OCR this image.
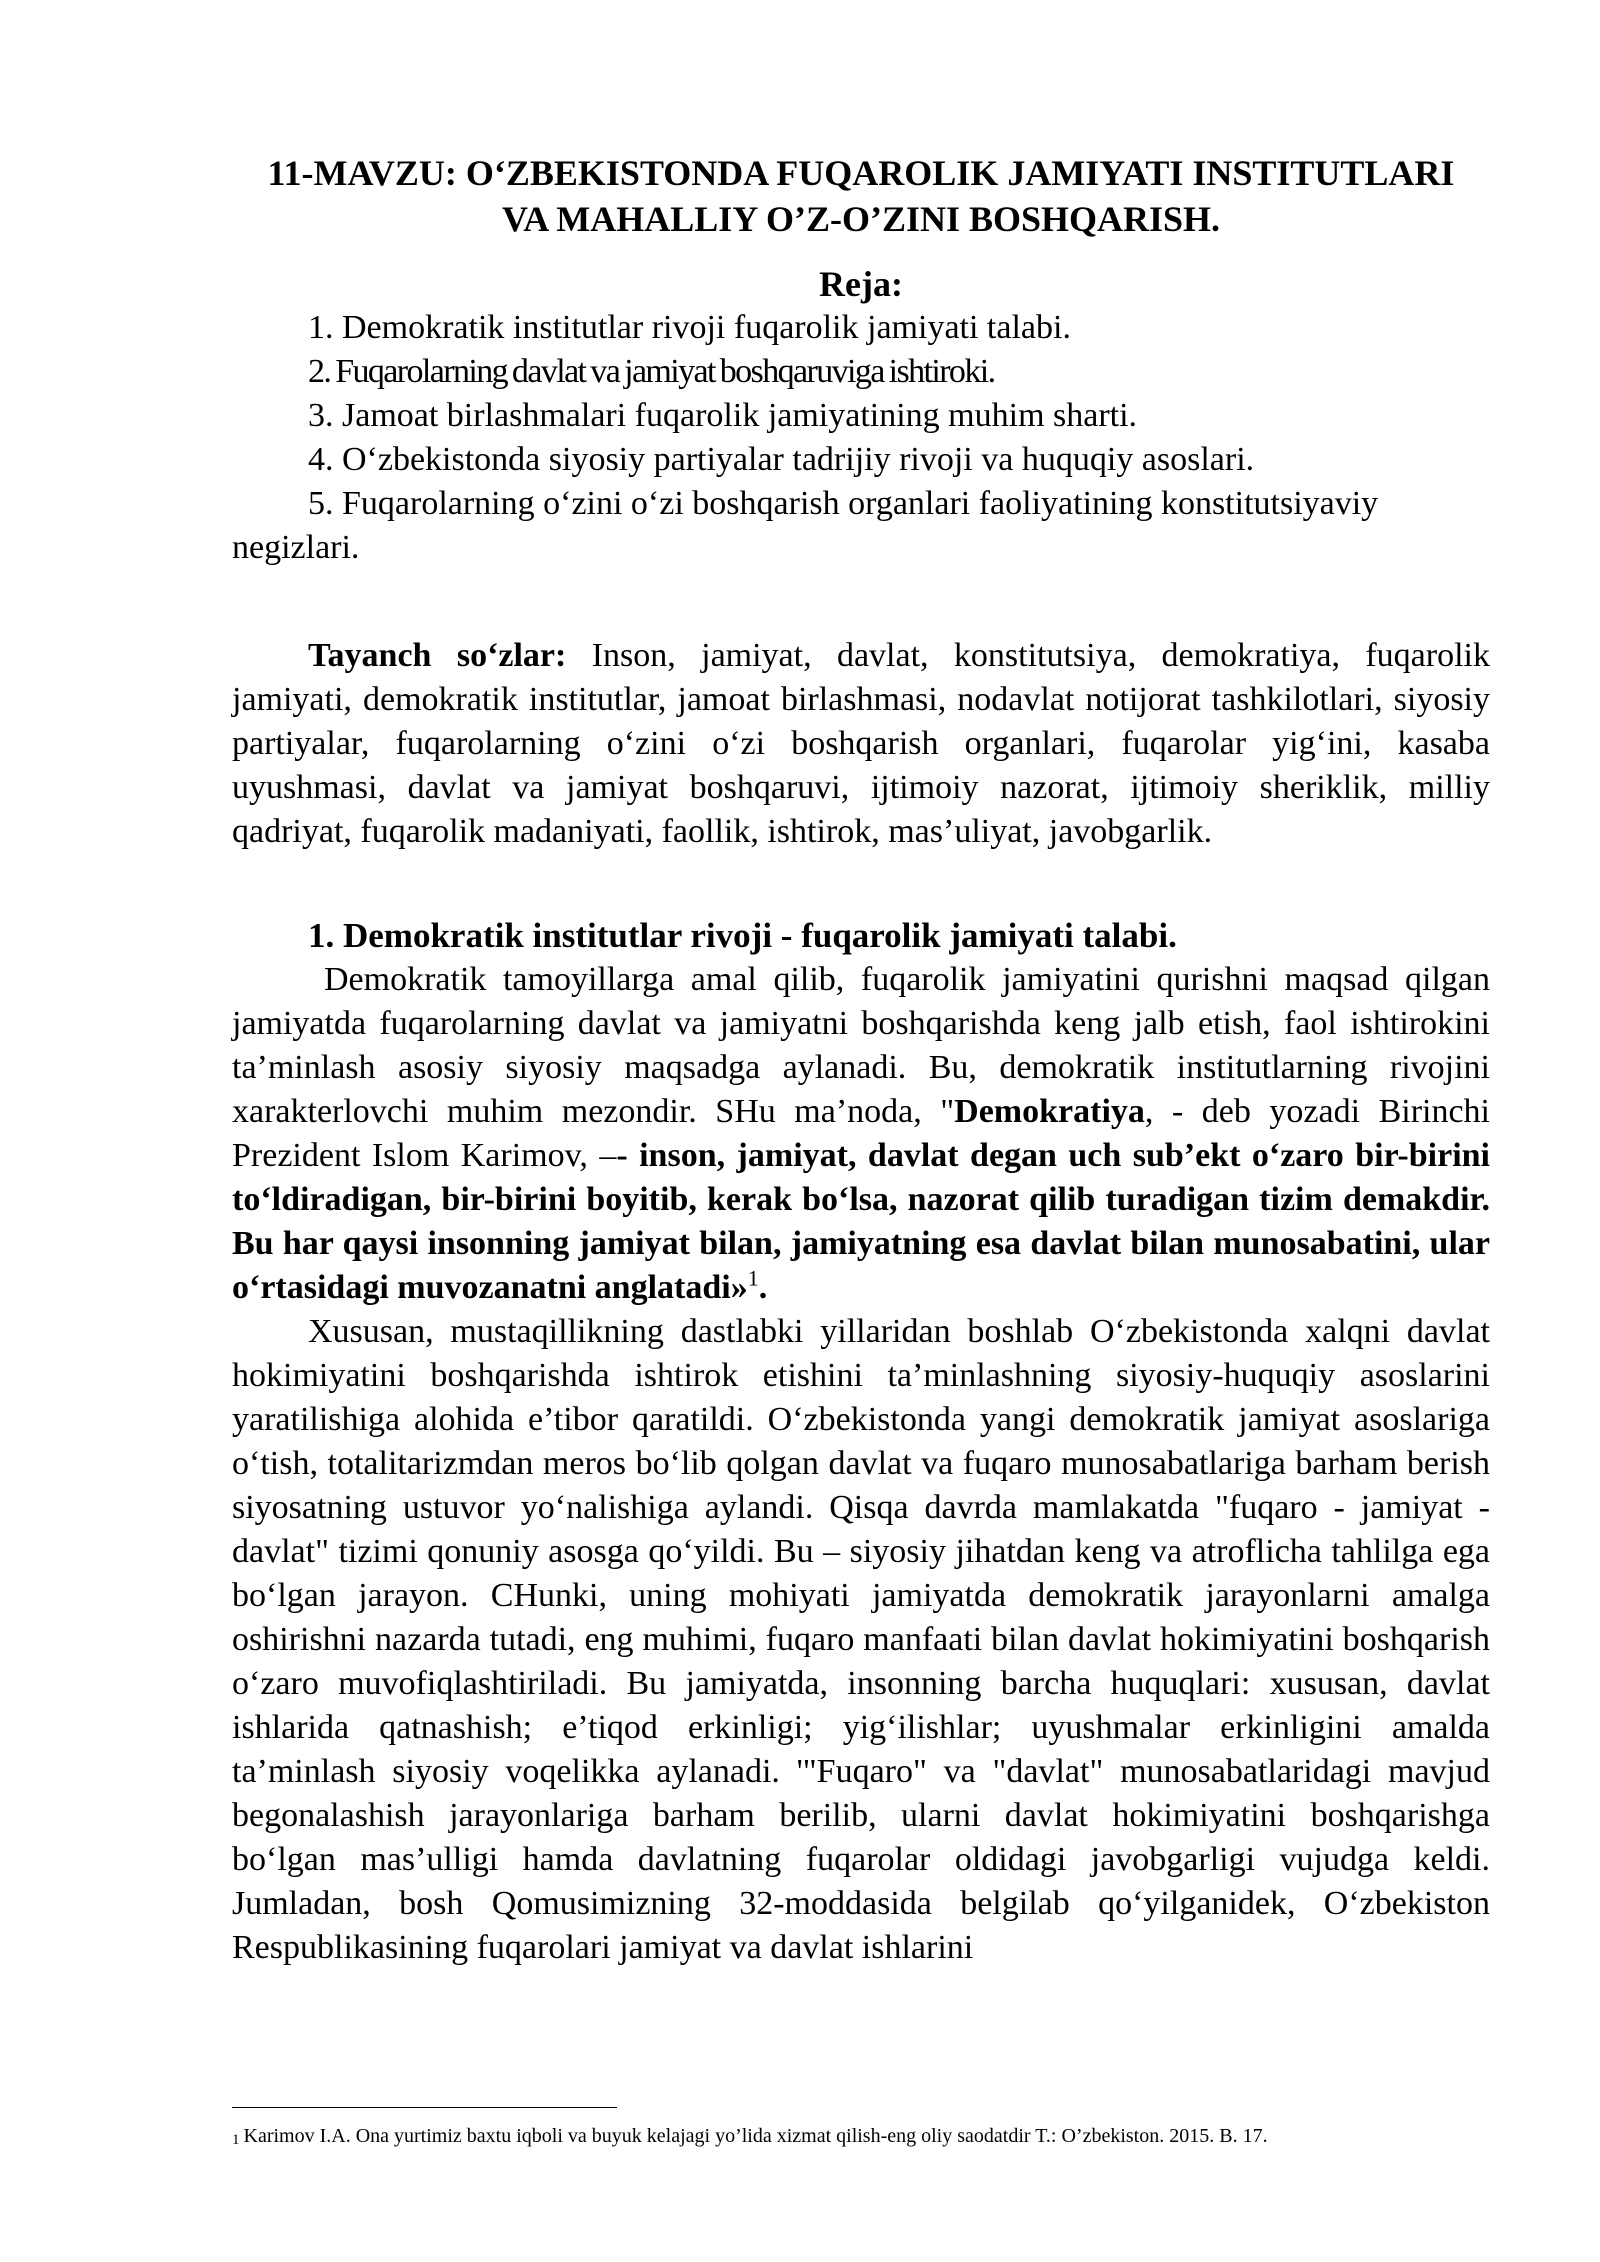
11-MAVZU: O‘ZBEKISTONDA FUQAROLIK JAMIYATI INSTITUTLARI
VA MAHALLIY O’Z-O’ZINI BOSHQARISH.
Reja:
1. Demokratik institutlar rivoji fuqarolik jamiyati talabi.
2. Fuqarolarning davlat va jamiyat boshqaruviga ishtiroki.
3. Jamoat birlashmalari fuqarolik jamiyatining muhim sharti.
4. O‘zbekistonda siyosiy partiyalar tadrijiy rivoji va huquqiy asoslari.
5. Fuqarolarning o‘zini o‘zi boshqarish organlari faoliyatining konstitutsiyaviy negizlari.

Tayanch so‘zlar: Inson, jamiyat, davlat, konstitutsiya, demokratiya, fuqarolik jamiyati, demokratik institutlar, jamoat birlashmasi, nodavlat notijorat tashkilotlari, siyosiy partiyalar, fuqarolarning o‘zini o‘zi boshqarish organlari, fuqarolar yig‘ini, kasaba uyushmasi, davlat va jamiyat boshqaruvi, ijtimoiy nazorat, ijtimoiy sheriklik, milliy qadriyat, fuqarolik madaniyati, faollik, ishtirok, mas’uliyat, javobgarlik.

1. Demokratik institutlar rivoji - fuqarolik jamiyati talabi.

Demokratik tamoyillarga amal qilib, fuqarolik jamiyatini qurishni maqsad qilgan jamiyatda fuqarolarning davlat va jamiyatni boshqarishda keng jalb etish, faol ishtirokini ta’minlash asosiy siyosiy maqsadga aylanadi. Bu, demokratik institutlarning rivojini xarakterlovchi muhim mezondir. SHu ma’noda, "Demokratiya, - deb yozadi Birinchi Prezident Islom Karimov, –- inson, jamiyat, davlat degan uch sub’ekt o‘zaro bir-birini to‘ldiradigan, bir-birini boyitib, kerak bo‘lsa, nazorat qilib turadigan tizim demakdir. Bu har qaysi insonning jamiyat bilan, jamiyatning esa davlat bilan munosabatini, ular o‘rtasidagi muvozanatni anglatadi»$^1$.

Xususan, mustaqillikning dastlabki yillaridan boshlab O‘zbekistonda xalqni davlat hokimiyatini boshqarishda ishtirok etishini ta’minlashning siyosiy-huquqiy asoslarini yaratilishiga alohida e’tibor qaratildi. O‘zbekistonda yangi demokratik jamiyat asoslariga o‘tish, totalitarizmdan meros bo‘lib qolgan davlat va fuqaro munosabatlariga barham berish siyosatning ustuvor yo‘nalishiga aylandi. Qisqa davrda mamlakatda "fuqaro - jamiyat -davlat" tizimi qonuniy asosga qo‘yildi. Bu – siyosiy jihatdan keng va atroflicha tahlilga ega bo‘lgan jarayon. CHunki, uning mohiyati jamiyatda demokratik jarayonlarni amalga oshirishni nazarda tutadi, eng muhimi, fuqaro manfaati bilan davlat hokimiyatini boshqarish o‘zaro muvofiqlashtiriladi. Bu jamiyatda, insonning barcha huquqlari: xususan, davlat ishlarida qatnashish; e’tiqod erkinligi; yig‘ilishlar; uyushmalar erkinligini amalda ta’minlash siyosiy voqelikka aylanadi. '"Fuqaro" va "davlat" munosabatlaridagi mavjud begonalashish jarayonlariga barham berilib, ularni davlat hokimiyatini boshqarishga bo‘lgan mas’ulligi hamda davlatning fuqarolar oldidagi javobgarligi vujudga keldi. Jumladan, bosh Qomusimizning 32-moddasida belgilab qo‘yilganidek, O‘zbekiston Respublikasining fuqarolari jamiyat va davlat ishlarini

1 Karimov I.A. Ona yurtimiz baxtu iqboli va buyuk kelajagi yo’lida xizmat qilish-eng oliy saodatdir T.: O’zbekiston. 2015. B. 17.
